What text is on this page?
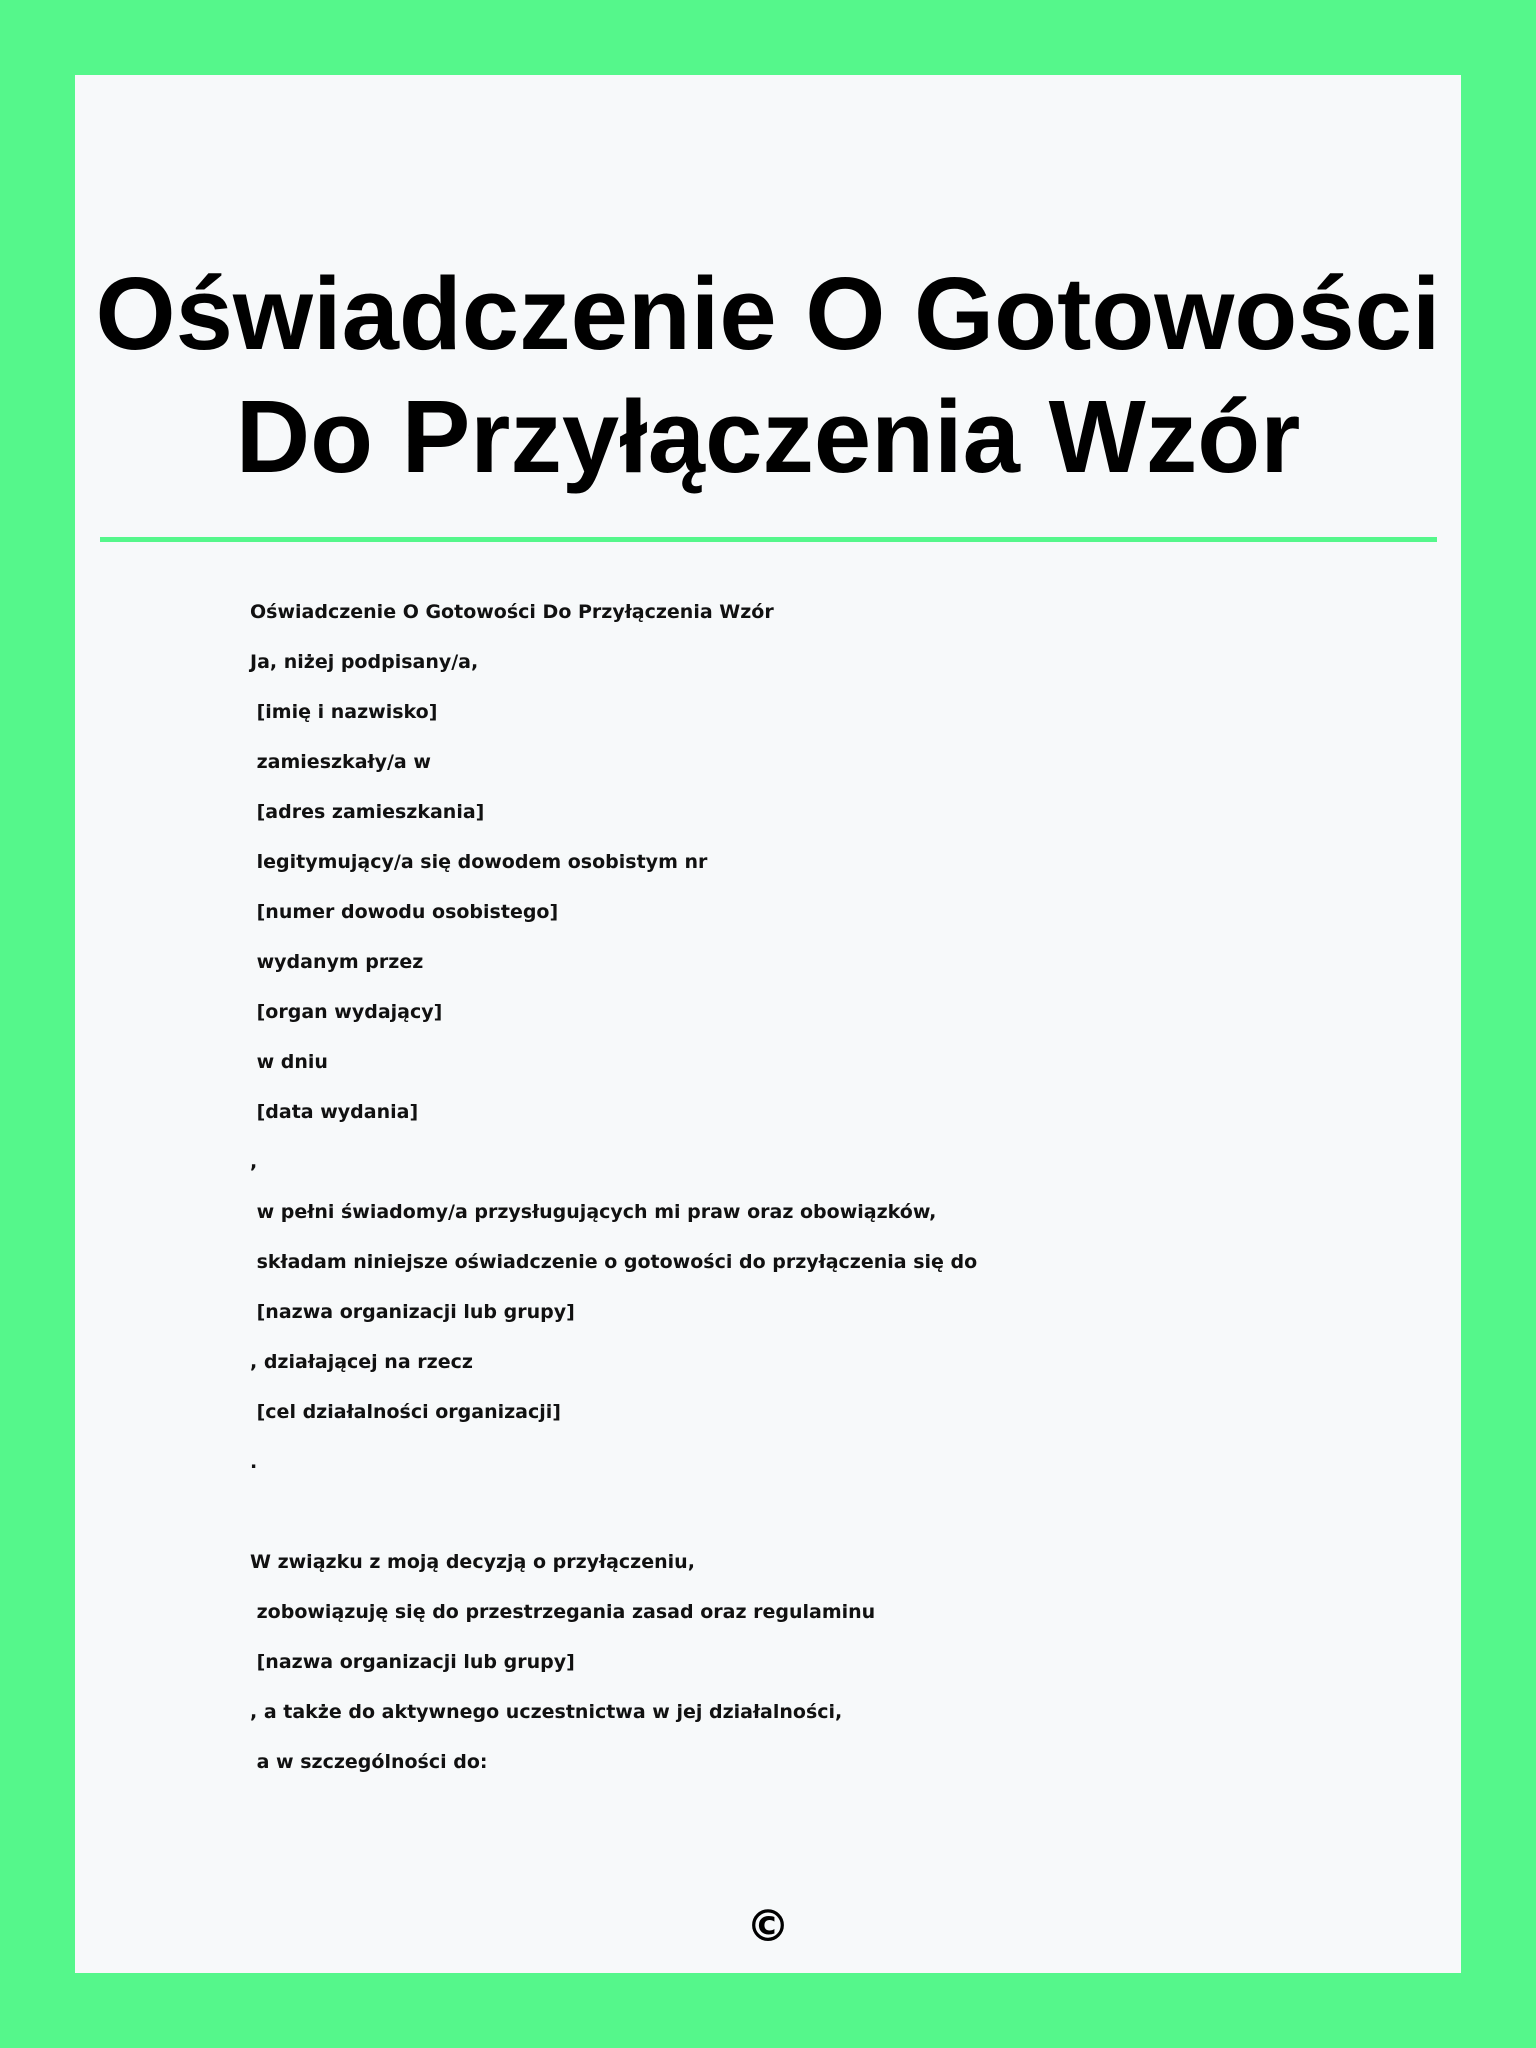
Oświadczenie O Gotowości
Do Przyłączenia Wzór
Oświadczenie O Gotowości Do Przyłączenia Wzór
Ja, niżej podpisany/a,
[imię i nazwisko]
zamieszkały/a w
[adres zamieszkania]
legitymujący/a się dowodem osobistym nr
[numer dowodu osobistego]
wydanym przez
[organ wydający]
w dniu
[data wydania]
,
w pełni świadomy/a przysługujących mi praw oraz obowiązków,
składam niniejsze oświadczenie o gotowości do przyłączenia się do
[nazwa organizacji lub grupy]
, działającej na rzecz
[cel działalności organizacji]
.
W związku z moją decyzją o przyłączeniu,
zobowiązuję się do przestrzegania zasad oraz regulaminu
[nazwa organizacji lub grupy]
, a także do aktywnego uczestnictwa w jej działalności,
a w szczególności do:
©
